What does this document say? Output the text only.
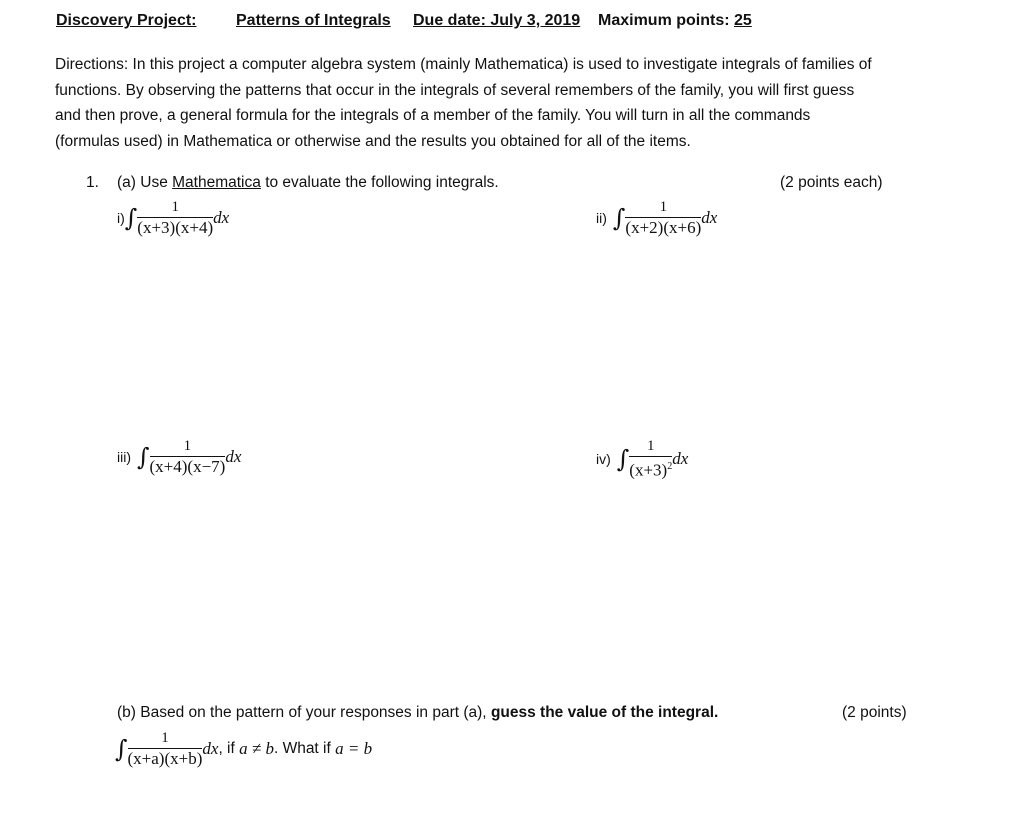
Discovery Project: Patterns of Integrals Due date: July 3, 2019 Maximum points: 25
Directions: In this project a computer algebra system (mainly Mathematica) is used to investigate integrals of families of
functions. By observing the patterns that occur in the integrals of several remembers of the family, you will first guess
and then prove, a general formula for the integrals of a member of the family. You will turn in all the commands
(formulas used) in Mathematica or otherwise and the results you obtained for all of the items.
1. (a) Use Mathematica to evaluate the following integrals.	(2 points each)
i) ∫ $\frac{1}{(x+3)(x+4)}$ dx	ii) ∫ $\frac{1}{(x+2)(x+6)}$ dx
iii) ∫ $\frac{1}{(x+4)(x-7)}$ dx	iv) ∫ $\frac{1}{(x+3)^2}$ dx
(b) Based on the pattern of your responses in part (a), guess the value of the integral.	(2 points)
∫ $\frac{1}{(x+a)(x+b)}$ dx , if a ≠ b . What if a = b
